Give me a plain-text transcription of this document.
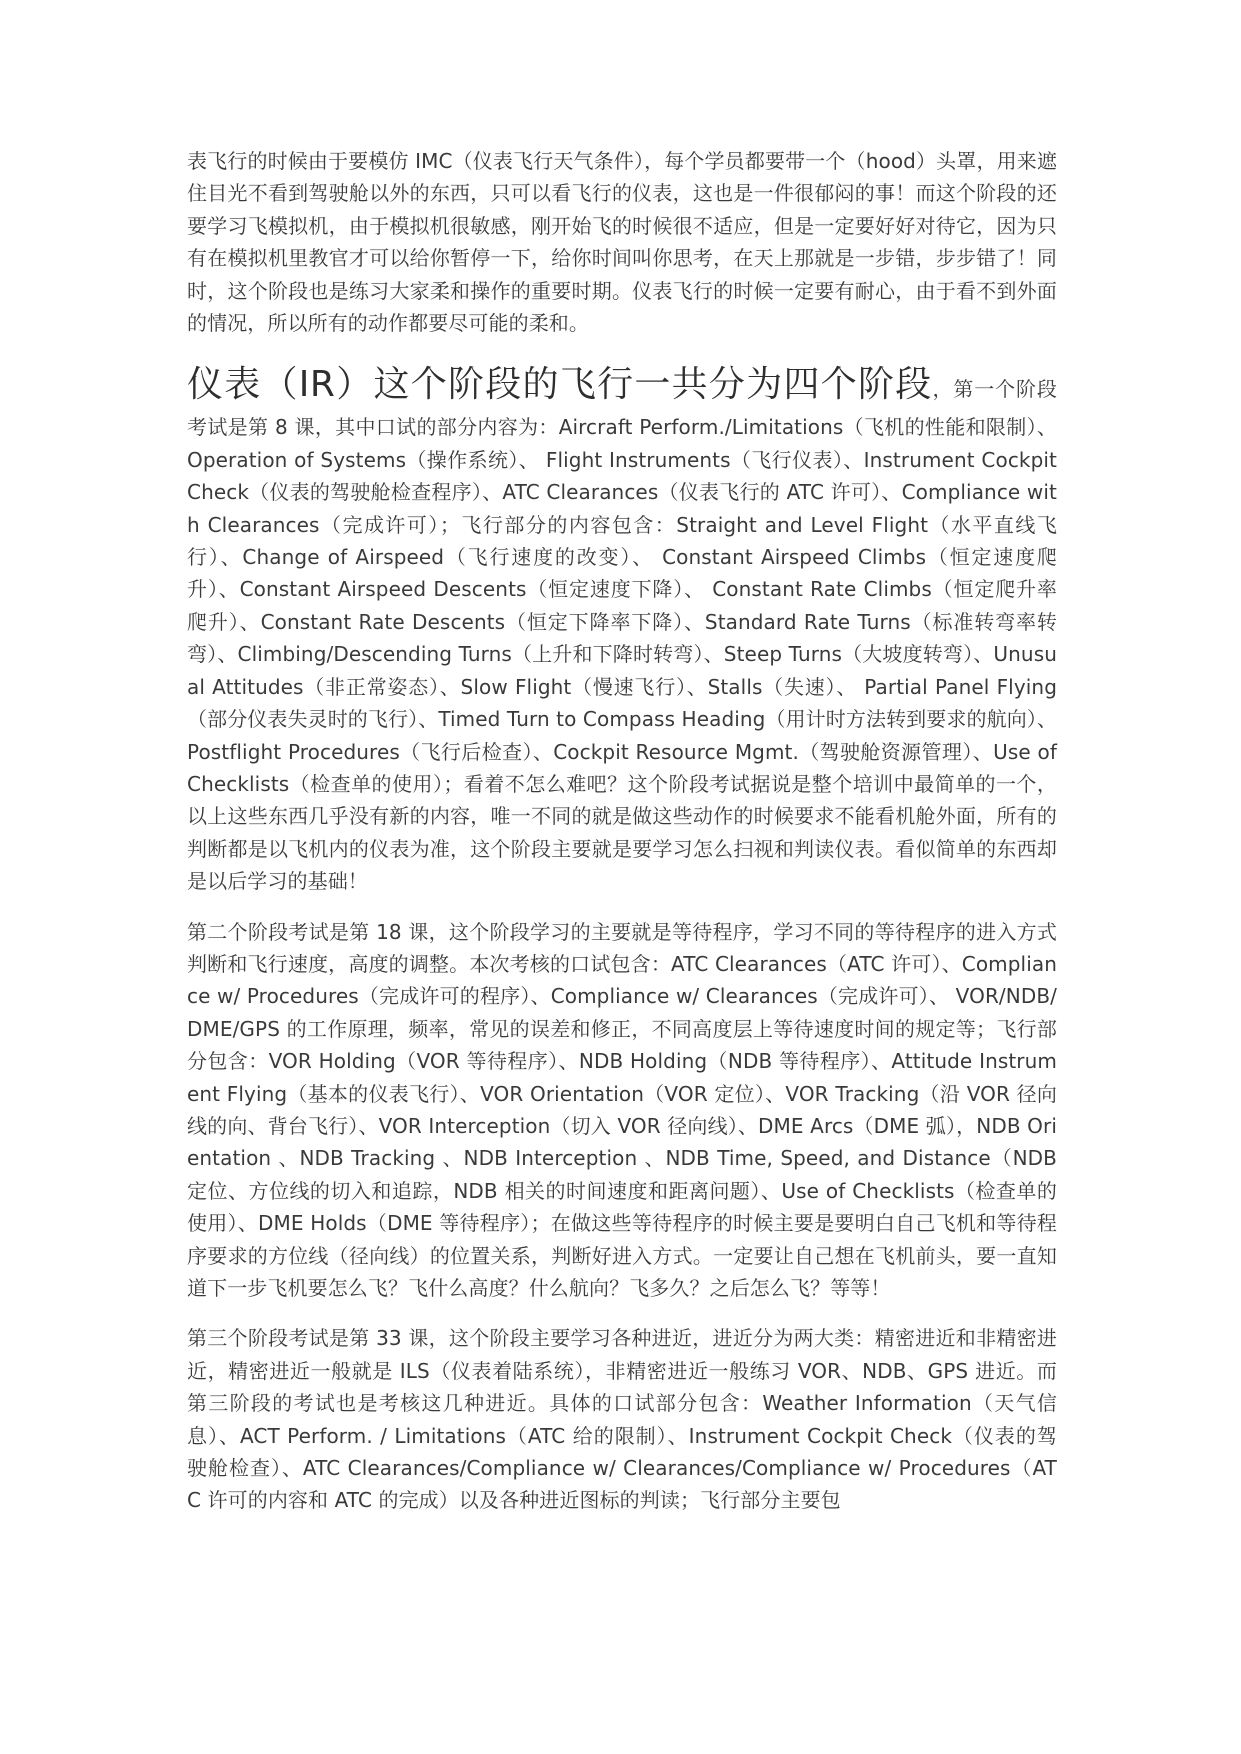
表飞行的时候由于要模仿 IMC（仪表飞行天气条件），每个学员都要带一个（hood）头罩，用来遮住目光不看到驾驶舱以外的东西，只可以看飞行的仪表，这也是一件很郁闷的事！而这个阶段的还要学习飞模拟机，由于模拟机很敏感，刚开始飞的时候很不适应，但是一定要好好对待它，因为只有在模拟机里教官才可以给你暂停一下，给你时间叫你思考，在天上那就是一步错，步步错了！同时，这个阶段也是练习大家柔和操作的重要时期。仪表飞行的时候一定要有耐心，由于看不到外面的情况，所以所有的动作都要尽可能的柔和。

仪表（IR）这个阶段的飞行一共分为四个阶段，第一个阶段考试是第 8 课，其中口试的部分内容为：Aircraft Perform./Limitations（飞机的性能和限制）、Operation of Systems（操作系统）、 Flight Instruments（飞行仪表）、Instrument Cockpit Check（仪表的驾驶舱检查程序）、ATC Clearances（仪表飞行的 ATC 许可）、Compliance with Clearances（完成许可）；飞行部分的内容包含：Straight and Level Flight（水平直线飞行）、Change of Airspeed（飞行速度的改变）、 Constant Airspeed Climbs（恒定速度爬升）、Constant Airspeed Descents（恒定速度下降）、 Constant Rate Climbs（恒定爬升率爬升）、Constant Rate Descents（恒定下降率下降）、Standard Rate Turns（标准转弯率转弯）、Climbing/Descending Turns（上升和下降时转弯）、Steep Turns（大坡度转弯）、Unusual Attitudes（非正常姿态）、Slow Flight（慢速飞行）、Stalls（失速）、 Partial Panel Flying（部分仪表失灵时的飞行）、Timed Turn to Compass Heading（用计时方法转到要求的航向）、Postflight Procedures（飞行后检查）、Cockpit Resource Mgmt.（驾驶舱资源管理）、Use of Checklists（检查单的使用）；看着不怎么难吧？这个阶段考试据说是整个培训中最简单的一个，以上这些东西几乎没有新的内容，唯一不同的就是做这些动作的时候要求不能看机舱外面，所有的判断都是以飞机内的仪表为准，这个阶段主要就是要学习怎么扫视和判读仪表。看似简单的东西却是以后学习的基础！

第二个阶段考试是第 18 课，这个阶段学习的主要就是等待程序，学习不同的等待程序的进入方式判断和飞行速度，高度的调整。本次考核的口试包含：ATC Clearances（ATC 许可）、Compliance w/ Procedures（完成许可的程序）、Compliance w/ Clearances（完成许可）、 VOR/NDB/DME/GPS 的工作原理，频率，常见的误差和修正，不同高度层上等待速度时间的规定等；飞行部分包含：VOR Holding（VOR 等待程序）、NDB Holding（NDB 等待程序）、Attitude Instrument Flying（基本的仪表飞行）、VOR Orientation（VOR 定位）、VOR Tracking（沿 VOR 径向线的向、背台飞行）、VOR Interception（切入 VOR 径向线）、DME Arcs（DME 弧），NDB Orientation 、NDB Tracking 、NDB Interception 、NDB Time, Speed, and Distance（NDB 定位、方位线的切入和追踪，NDB 相关的时间速度和距离问题）、Use of Checklists（检查单的使用）、DME Holds（DME 等待程序）；在做这些等待程序的时候主要是要明白自己飞机和等待程序要求的方位线（径向线）的位置关系，判断好进入方式。一定要让自己想在飞机前头，要一直知道下一步飞机要怎么飞？飞什么高度？什么航向？飞多久？之后怎么飞？等等！

第三个阶段考试是第 33 课，这个阶段主要学习各种进近，进近分为两大类：精密进近和非精密进近，精密进近一般就是 ILS（仪表着陆系统），非精密进近一般练习 VOR、NDB、GPS 进近。而第三阶段的考试也是考核这几种进近。具体的口试部分包含：Weather Information（天气信息）、ACT Perform. / Limitations（ATC 给的限制）、Instrument Cockpit Check（仪表的驾驶舱检查）、ATC Clearances/Compliance w/ Clearances/Compliance w/ Procedures（ATC 许可的内容和 ATC 的完成）以及各种进近图标的判读；飞行部分主要包
